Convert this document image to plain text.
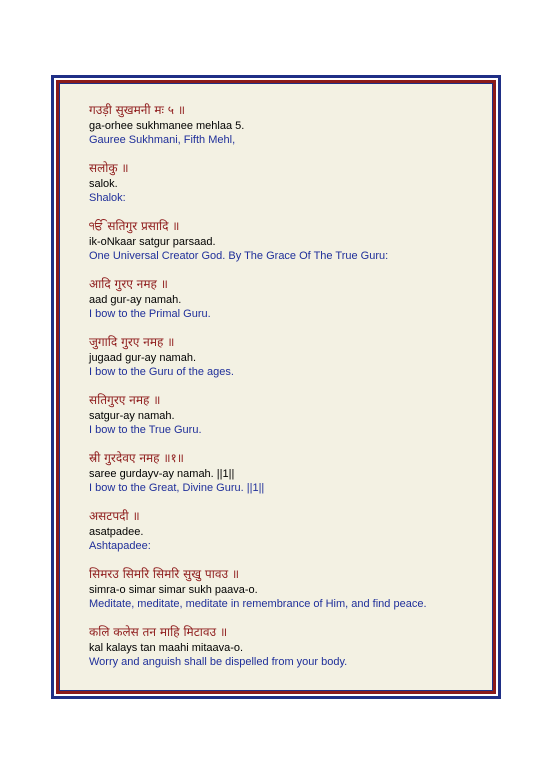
गउड़ी सुखमनी मः ५ ॥
ga-orhee sukhmanee mehlaa 5.
Gauree Sukhmani, Fifth Mehl,
सलोकु ॥
salok.
Shalok:
ੴ सतिगुर प्रसादि ॥
ik-oNkaar satgur parsaad.
One Universal Creator God. By The Grace Of The True Guru:
आदि गुरए नमह ॥
aad gur-ay namah.
I bow to the Primal Guru.
जुगादि गुरए नमह ॥
jugaad gur-ay namah.
I bow to the Guru of the ages.
सतिगुरए नमह ॥
satgur-ay namah.
I bow to the True Guru.
स्री गुरदेवए नमह ॥१॥
saree gurdayv-ay namah. ||1||
I bow to the Great, Divine Guru. ||1||
असटपदी ॥
asatpadee.
Ashtapadee:
सिमरउ सिमरि सिमरि सुखु पावउ ॥
simra-o simar simar sukh paava-o.
Meditate, meditate, meditate in remembrance of Him, and find peace.
कलि कलेस तन माहि मिटावउ ॥
kal kalays tan maahi mitaava-o.
Worry and anguish shall be dispelled from your body.
